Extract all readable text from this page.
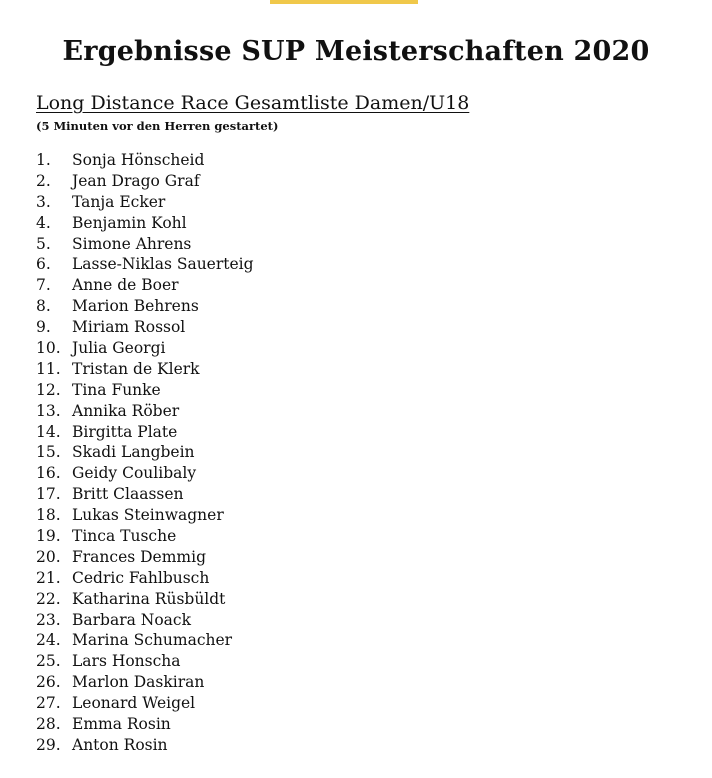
Ergebnisse SUP Meisterschaften 2020
Long Distance Race Gesamtliste Damen/U18
(5 Minuten vor den Herren gestartet)
1.	Sonja Hönscheid
2.	Jean Drago Graf
3.	Tanja Ecker
4.	Benjamin Kohl
5.	Simone Ahrens
6.	Lasse-Niklas Sauerteig
7.	Anne de Boer
8.	Marion Behrens
9.	Miriam Rossol
10. Julia Georgi
11. Tristan de Klerk
12. Tina Funke
13. Annika Röber
14. Birgitta Plate
15. Skadi Langbein
16. Geidy Coulibaly
17. Britt Claassen
18. Lukas Steinwagner
19. Tinca Tusche
20. Frances Demmig
21. Cedric Fahlbusch
22. Katharina Rüsbüldt
23. Barbara Noack
24. Marina Schumacher
25. Lars Honscha
26. Marlon Daskiran
27. Leonard Weigel
28. Emma Rosin
29. Anton Rosin
